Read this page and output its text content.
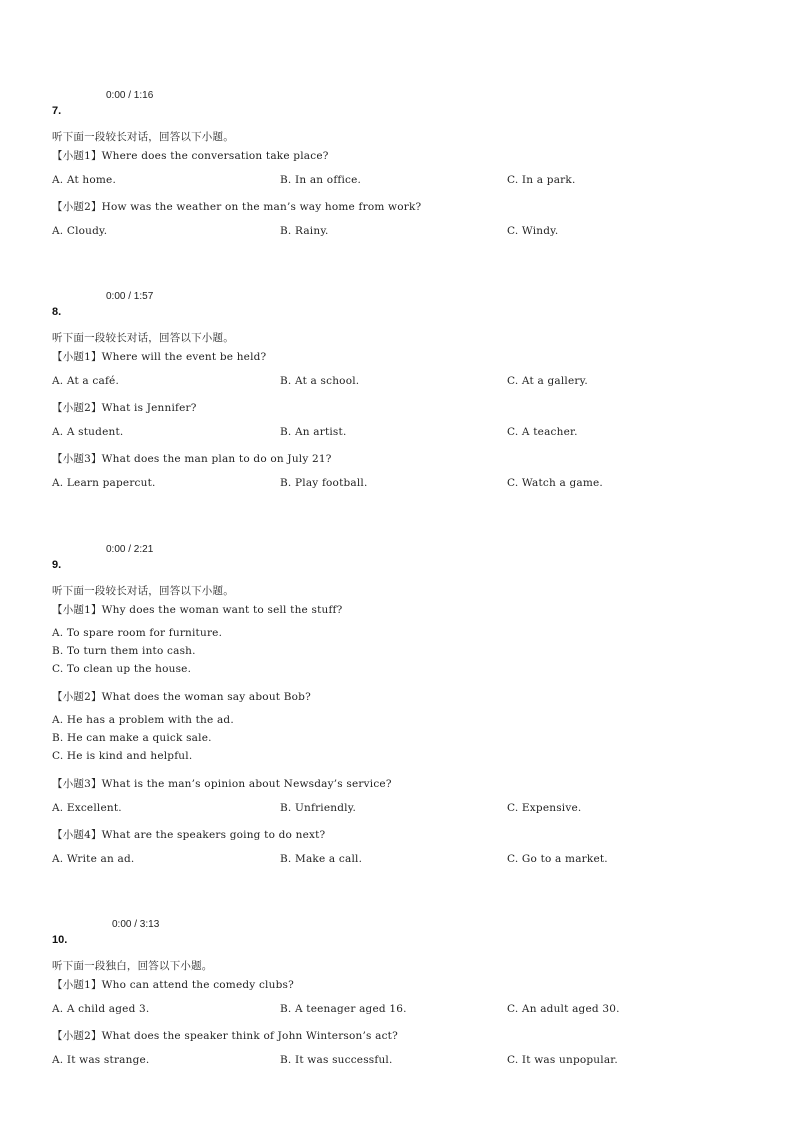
0:00 / 1:16
7.
听下面一段较长对话，回答以下小题。
【小题1】Where does the conversation take place?
A. At home.	B. In an office.	C. In a park.
【小题2】How was the weather on the man’s way home from work?
A. Cloudy.	B. Rainy.	C. Windy.
0:00 / 1:57
8.
听下面一段较长对话，回答以下小题。
【小题1】Where will the event be held?
A. At a café.	B. At a school.	C. At a gallery.
【小题2】What is Jennifer?
A. A student.	B. An artist.	C. A teacher.
【小题3】What does the man plan to do on July 21?
A. Learn papercut.	B. Play football.	C. Watch a game.
0:00 / 2:21
9.
听下面一段较长对话，回答以下小题。
【小题1】Why does the woman want to sell the stuff?
A. To spare room for furniture.
B. To turn them into cash.
C. To clean up the house.
【小题2】What does the woman say about Bob?
A. He has a problem with the ad.
B. He can make a quick sale.
C. He is kind and helpful.
【小题3】What is the man’s opinion about Newsday’s service?
A. Excellent.	B. Unfriendly.	C. Expensive.
【小题4】What are the speakers going to do next?
A. Write an ad.	B. Make a call.	C. Go to a market.
0:00 / 3:13
10.
听下面一段独白，回答以下小题。
【小题1】Who can attend the comedy clubs?
A. A child aged 3.	B. A teenager aged 16.	C. An adult aged 30.
【小题2】What does the speaker think of John Winterson’s act?
A. It was strange.	B. It was successful.	C. It was unpopular.
